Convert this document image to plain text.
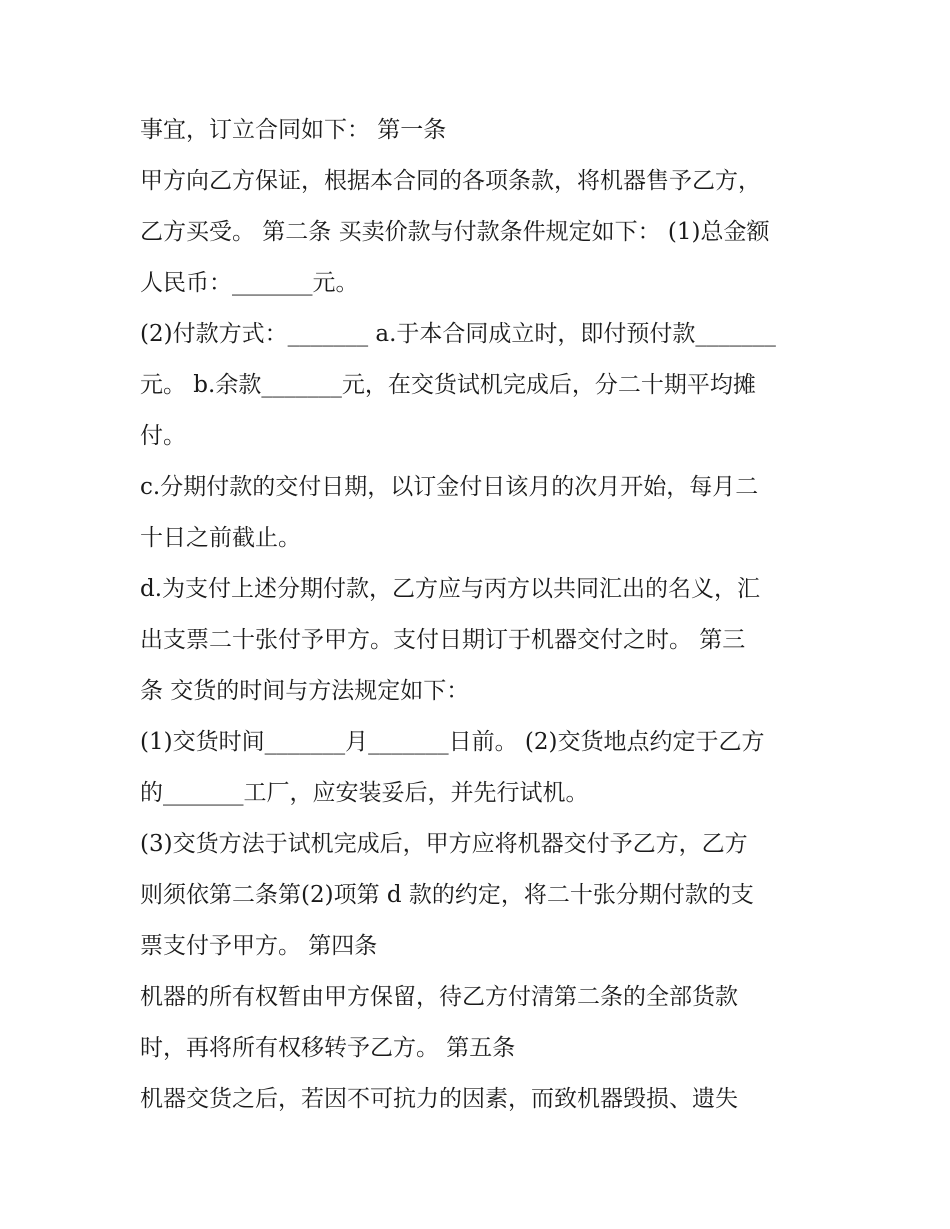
事宜，订立合同如下： 第一条
甲方向乙方保证，根据本合同的各项条款，将机器售予乙方，
乙方买受。 第二条 买卖价款与付款条件规定如下： (1)总金额
人民币：_______元。
(2)付款方式：_______ a.于本合同成立时，即付预付款_______
元。 b.余款_______元，在交货试机完成后，分二十期平均摊
付。
c.分期付款的交付日期，以订金付日该月的次月开始，每月二
十日之前截止。
d.为支付上述分期付款，乙方应与丙方以共同汇出的名义，汇
出支票二十张付予甲方。支付日期订于机器交付之时。 第三
条 交货的时间与方法规定如下：
(1)交货时间_______月_______日前。 (2)交货地点约定于乙方
的_______工厂，应安装妥后，并先行试机。
(3)交货方法于试机完成后，甲方应将机器交付予乙方，乙方
则须依第二条第(2)项第 d 款的约定，将二十张分期付款的支
票支付予甲方。 第四条
机器的所有权暂由甲方保留，待乙方付清第二条的全部货款
时，再将所有权移转予乙方。 第五条
机器交货之后，若因不可抗力的因素，而致机器毁损、遗失
